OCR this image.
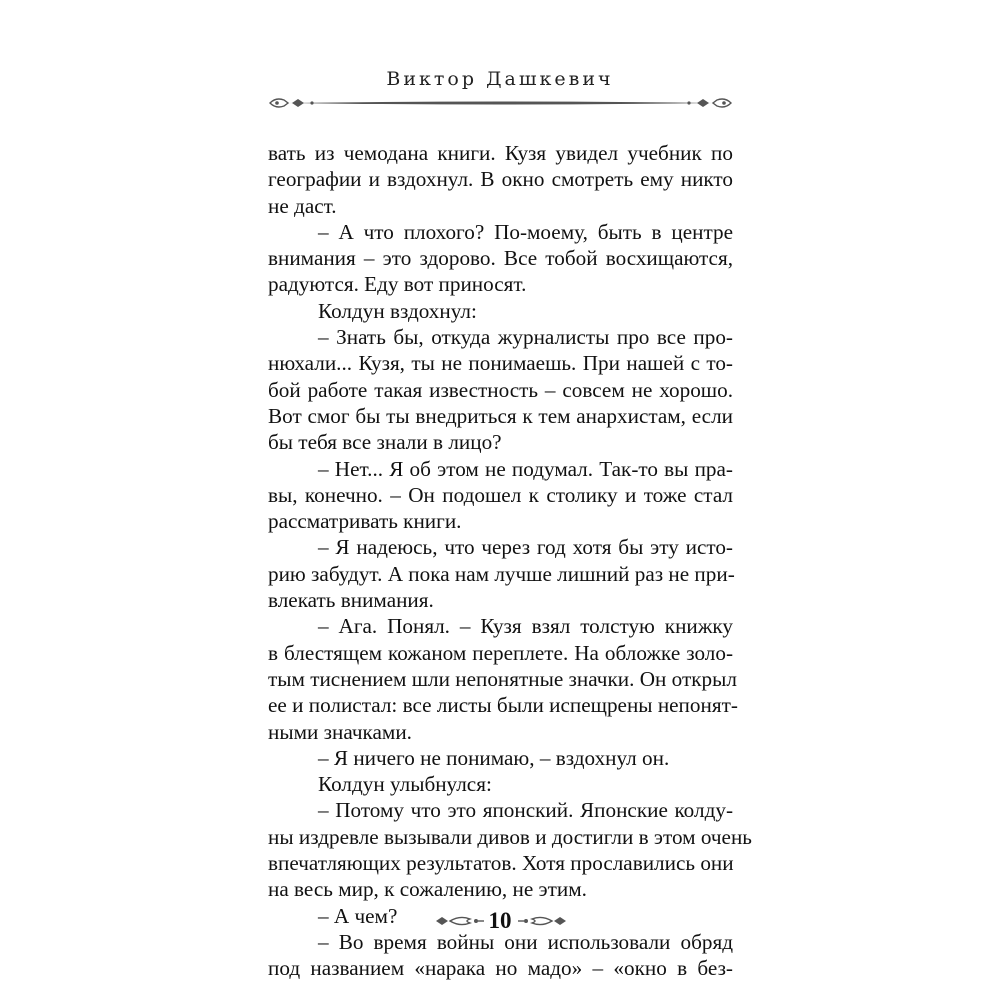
Виктор Дашкевич
вать из чемодана книги. Кузя увидел учебник по
географии и вздохнул. В окно смотреть ему никто
не даст.
– А что плохого? По-моему, быть в центре
внимания – это здорово. Все тобой восхищаются,
радуются. Еду вот приносят.
Колдун вздохнул:
– Знать бы, откуда журналисты про все про-
нюхали... Кузя, ты не понимаешь. При нашей с то-
бой работе такая известность – совсем не хорошо.
Вот смог бы ты внедриться к тем анархистам, если
бы тебя все знали в лицо?
– Нет... Я об этом не подумал. Так-то вы пра-
вы, конечно. – Он подошел к столику и тоже стал
рассматривать книги.
– Я надеюсь, что через год хотя бы эту исто-
рию забудут. А пока нам лучше лишний раз не при-
влекать внимания.
– Ага. Понял. – Кузя взял толстую книжку
в блестящем кожаном переплете. На обложке золо-
тым тиснением шли непонятные значки. Он открыл
ее и полистал: все листы были испещрены непонят-
ными значками.
– Я ничего не понимаю, – вздохнул он.
Колдун улыбнулся:
– Потому что это японский. Японские колду-
ны издревле вызывали дивов и достигли в этом очень
впечатляющих результатов. Хотя прославились они
на весь мир, к сожалению, не этим.
– А чем?
– Во время войны они использовали обряд
под названием «нарака но мадо» – «окно в без-
10
